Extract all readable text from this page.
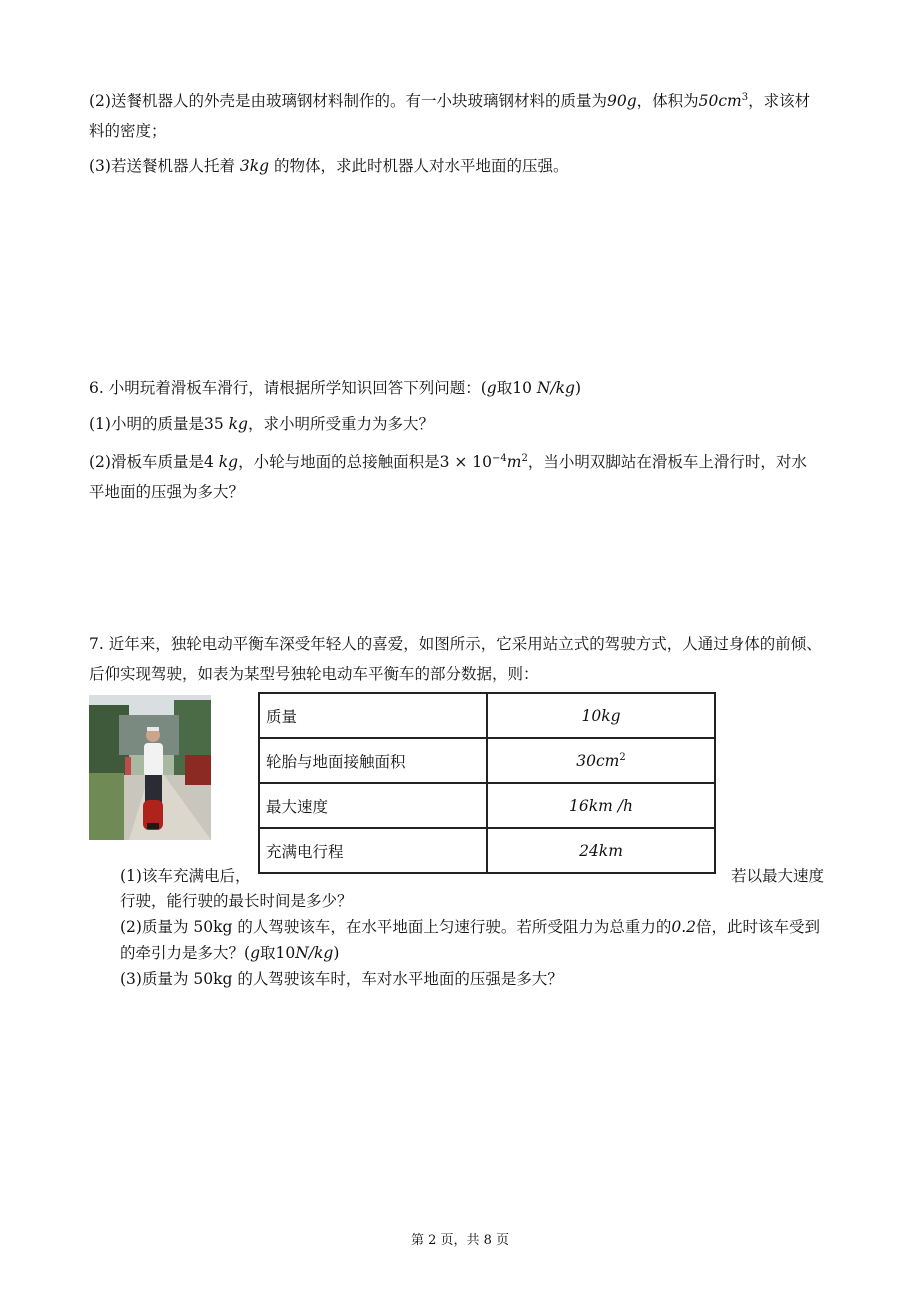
(2)送餐机器人的外壳是由玻璃钢材料制作的。有一小块玻璃钢材料的质量为90g，体积为$50cm^3$，求该材
料的密度；
(3)若送餐机器人托着 3kg 的物体，求此时机器人对水平地面的压强。
6. 小明玩着滑板车滑行，请根据所学知识回答下列问题：(g取10 N/kg)
(1)小明的质量是35 kg，求小明所受重力为多大？
(2)滑板车质量是4 kg，小轮与地面的总接触面积是$3 \times 10^{-4}m^2$，当小明双脚站在滑板车上滑行时，对水
平地面的压强为多大？
7. 近年来，独轮电动平衡车深受年轻人的喜爱，如图所示，它采用站立式的驾驶方式，人通过身体的前倾、
后仰实现驾驶，如表为某型号独轮电动车平衡车的部分数据，则：
质量	10kg
轮胎与地面接触面积	$30cm^2$
最大速度	16km /h
充满电行程	24km
(1)该车充满电后，	若以最大速度
行驶，能行驶的最长时间是多少？
(2)质量为 50kg 的人驾驶该车，在水平地面上匀速行驶。若所受阻力为总重力的0.2倍，此时该车受到
的牵引力是多大？(g取10N/kg)
(3)质量为 50kg 的人驾驶该车时，车对水平地面的压强是多大？
第 2 页，共 8 页
